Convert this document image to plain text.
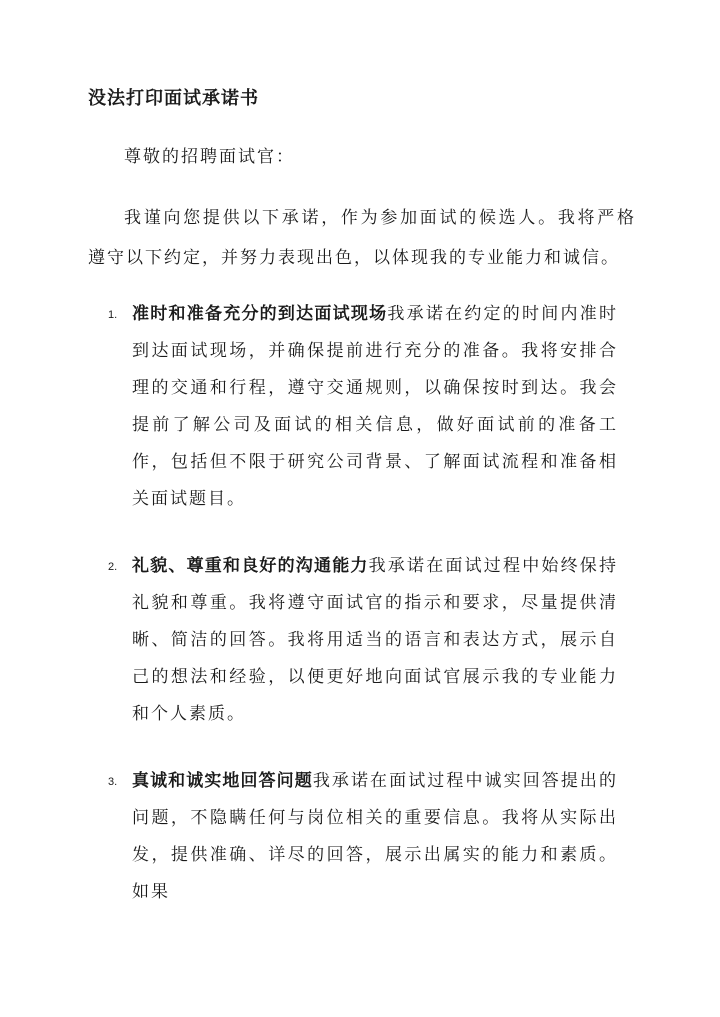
没法打印面试承诺书

尊敬的招聘面试官：

我谨向您提供以下承诺，作为参加面试的候选人。我将严格遵守以下约定，并努力表现出色，以体现我的专业能力和诚信。

1. 准时和准备充分的到达面试现场我承诺在约定的时间内准时到达面试现场，并确保提前进行充分的准备。我将安排合理的交通和行程，遵守交通规则，以确保按时到达。我会提前了解公司及面试的相关信息，做好面试前的准备工作，包括但不限于研究公司背景、了解面试流程和准备相关面试题目。
2. 礼貌、尊重和良好的沟通能力我承诺在面试过程中始终保持礼貌和尊重。我将遵守面试官的指示和要求，尽量提供清晰、简洁的回答。我将用适当的语言和表达方式，展示自己的想法和经验，以便更好地向面试官展示我的专业能力和个人素质。
3. 真诚和诚实地回答问题我承诺在面试过程中诚实回答提出的问题，不隐瞒任何与岗位相关的重要信息。我将从实际出发，提供准确、详尽的回答，展示出属实的能力和素质。如果
